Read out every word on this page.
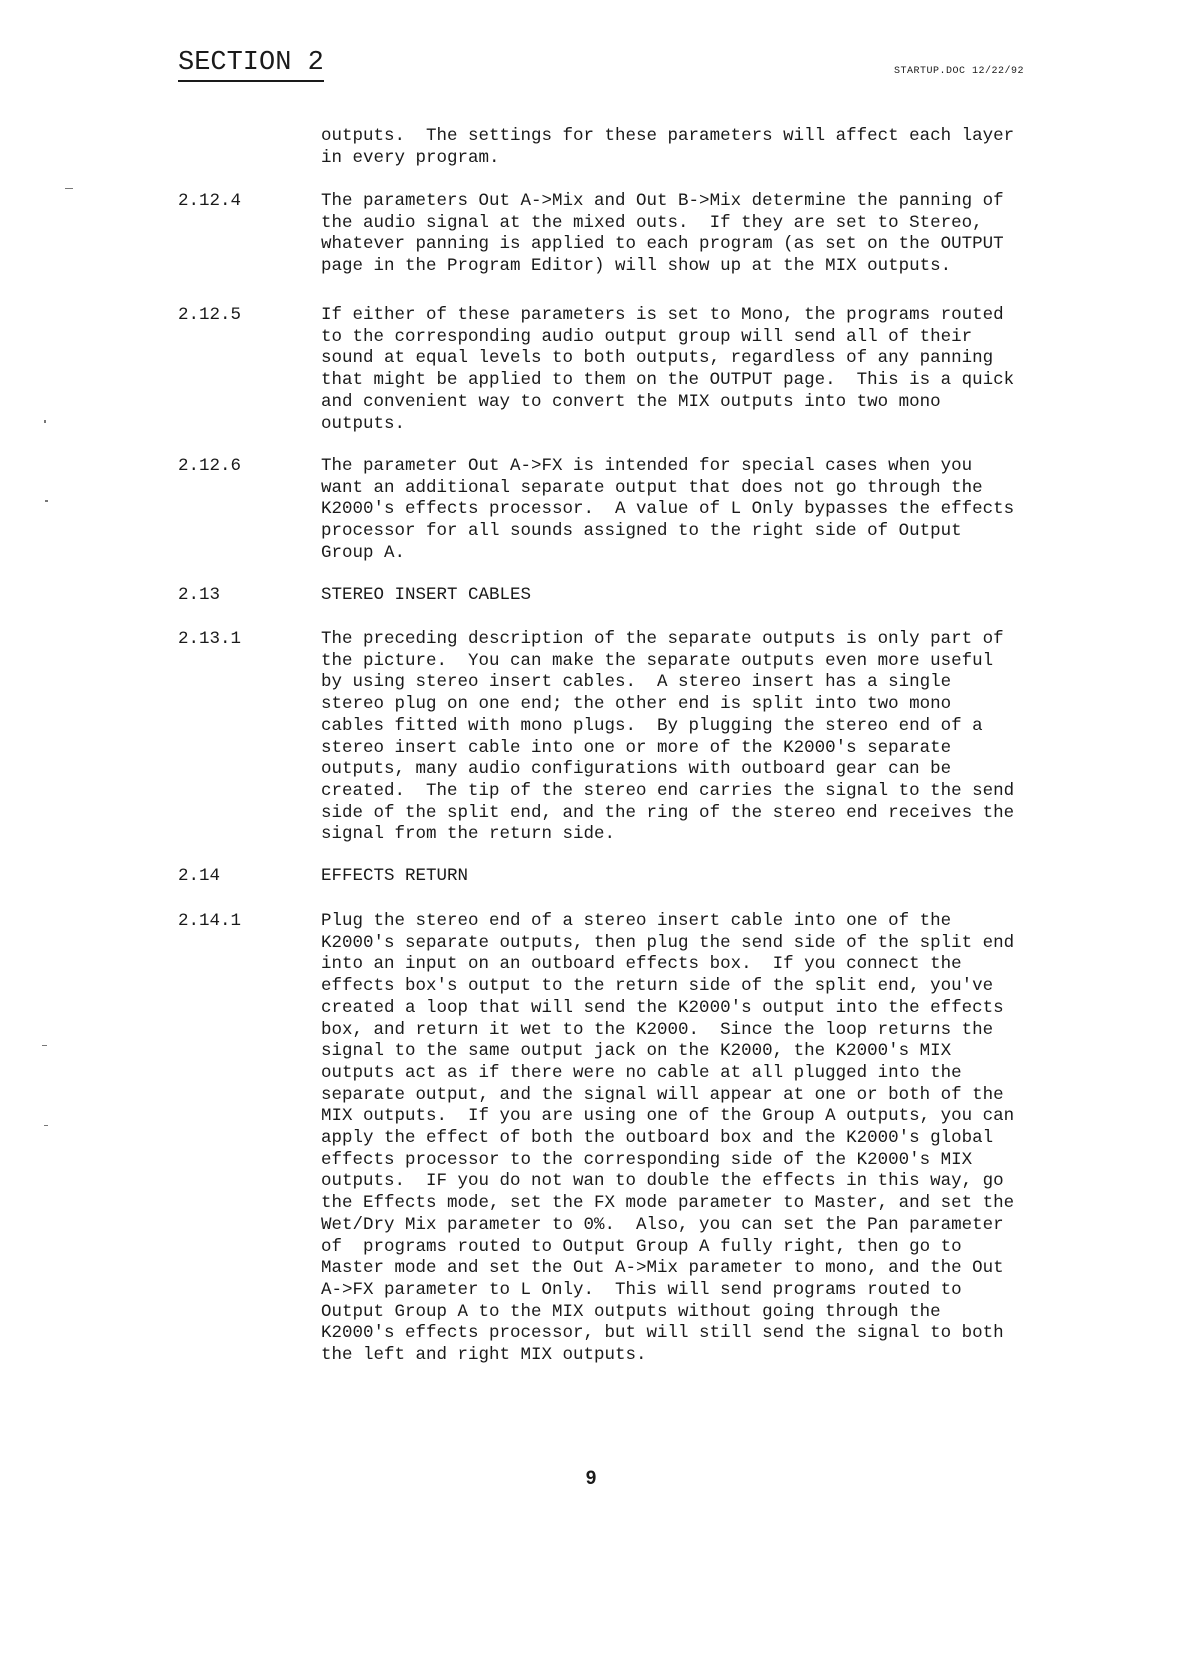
SECTION 2	STARTUP.DOC 12/22/92
outputs.  The settings for these parameters will affect each layer
in every program.
2.12.4	The parameters Out A->Mix and Out B->Mix determine the panning of
the audio signal at the mixed outs.  If they are set to Stereo,
whatever panning is applied to each program (as set on the OUTPUT
page in the Program Editor) will show up at the MIX outputs.
2.12.5	If either of these parameters is set to Mono, the programs routed
to the corresponding audio output group will send all of their
sound at equal levels to both outputs, regardless of any panning
that might be applied to them on the OUTPUT page.  This is a quick
and convenient way to convert the MIX outputs into two mono
outputs.
2.12.6	The parameter Out A->FX is intended for special cases when you
want an additional separate output that does not go through the
K2000's effects processor.  A value of L Only bypasses the effects
processor for all sounds assigned to the right side of Output
Group A.
2.13	STEREO INSERT CABLES
2.13.1	The preceding description of the separate outputs is only part of
the picture.  You can make the separate outputs even more useful
by using stereo insert cables.  A stereo insert has a single
stereo plug on one end; the other end is split into two mono
cables fitted with mono plugs.  By plugging the stereo end of a
stereo insert cable into one or more of the K2000's separate
outputs, many audio configurations with outboard gear can be
created.  The tip of the stereo end carries the signal to the send
side of the split end, and the ring of the stereo end receives the
signal from the return side.
2.14	EFFECTS RETURN
2.14.1	Plug the stereo end of a stereo insert cable into one of the
K2000's separate outputs, then plug the send side of the split end
into an input on an outboard effects box.  If you connect the
effects box's output to the return side of the split end, you've
created a loop that will send the K2000's output into the effects
box, and return it wet to the K2000.  Since the loop returns the
signal to the same output jack on the K2000, the K2000's MIX
outputs act as if there were no cable at all plugged into the
separate output, and the signal will appear at one or both of the
MIX outputs.  If you are using one of the Group A outputs, you can
apply the effect of both the outboard box and the K2000's global
effects processor to the corresponding side of the K2000's MIX
outputs.  IF you do not wan to double the effects in this way, go
the Effects mode, set the FX mode parameter to Master, and set the
Wet/Dry Mix parameter to 0%.  Also, you can set the Pan parameter
of  programs routed to Output Group A fully right, then go to
Master mode and set the Out A->Mix parameter to mono, and the Out
A->FX parameter to L Only.  This will send programs routed to
Output Group A to the MIX outputs without going through the
K2000's effects processor, but will still send the signal to both
the left and right MIX outputs.
9
